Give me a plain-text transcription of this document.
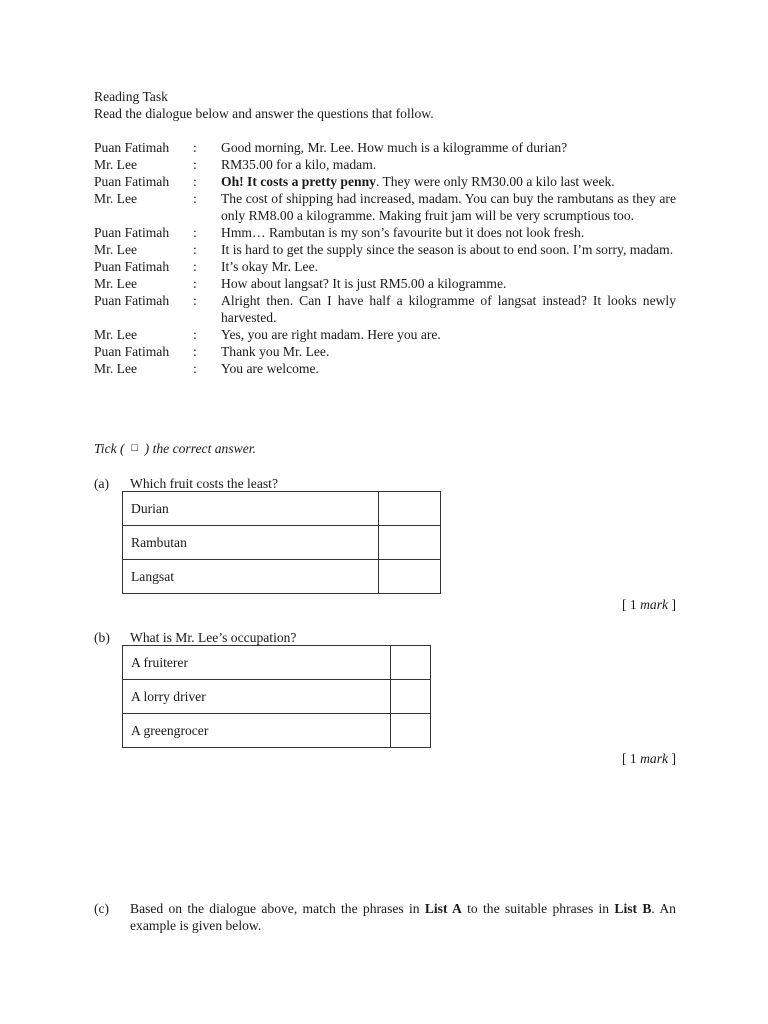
Reading Task
Read the dialogue below and answer the questions that follow.
Puan Fatimah	:	Good morning, Mr. Lee. How much is a kilogramme of durian?
Mr. Lee	:	RM35.00 for a kilo, madam.
Puan Fatimah	:	Oh! It costs a pretty penny. They were only RM30.00 a kilo last week.
Mr. Lee	:	The cost of shipping had increased, madam. You can buy the rambutans as they are only RM8.00 a kilogramme. Making fruit jam will be very scrumptious too.
Puan Fatimah	:	Hmm… Rambutan is my son’s favourite but it does not look fresh.
Mr. Lee	:	It is hard to get the supply since the season is about to end soon. I’m sorry, madam.
Puan Fatimah	:	It’s okay Mr. Lee.
Mr. Lee	:	How about langsat? It is just RM5.00 a kilogramme.
Puan Fatimah	:	Alright then. Can I have half a kilogramme of langsat instead? It looks newly harvested.
Mr. Lee	:	Yes, you are right madam. Here you are.
Puan Fatimah	:	Thank you Mr. Lee.
Mr. Lee	:	You are welcome.
Tick ( ☐ ) the correct answer.
(a) Which fruit costs the least?
Durian	
Rambutan	
Langsat	
[ 1 mark ]
(b) What is Mr. Lee’s occupation?
A fruiterer	
A lorry driver	
A greengrocer	
[ 1 mark ]
(c) Based on the dialogue above, match the phrases in List A to the suitable phrases in List B. An example is given below.
